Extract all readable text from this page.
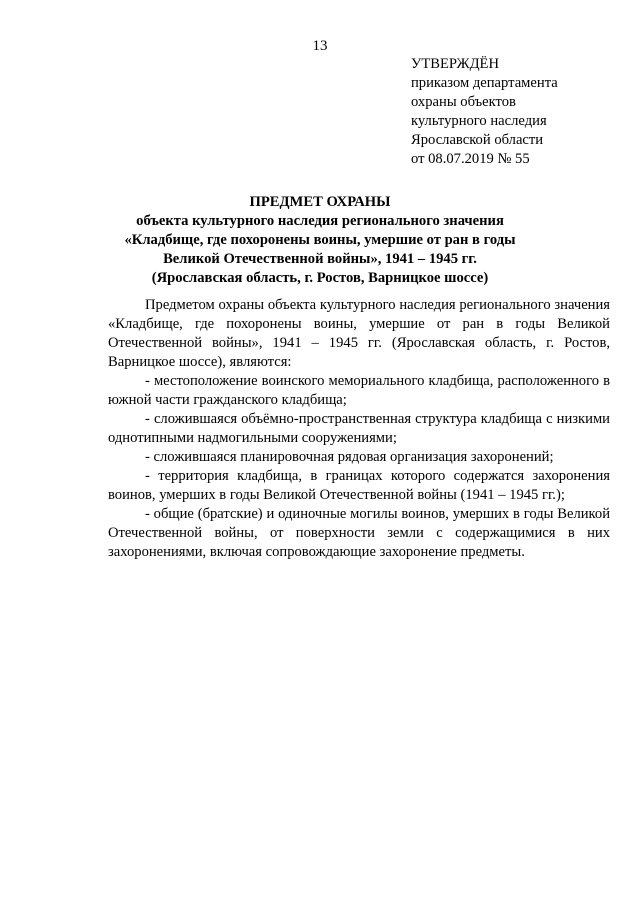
13
УТВЕРЖДЁН
приказом департамента
охраны объектов
культурного наследия
Ярославской области
от 08.07.2019 № 55
ПРЕДМЕТ ОХРАНЫ
объекта культурного наследия регионального значения
«Кладбище, где похоронены воины, умершие от ран в годы
Великой Отечественной войны», 1941 – 1945 гг.
(Ярославская область, г. Ростов, Варницкое шоссе)

Предметом охраны объекта культурного наследия регионального значения «Кладбище, где похоронены воины, умершие от ран в годы Великой Отечественной войны», 1941 – 1945 гг. (Ярославская область, г. Ростов, Варницкое шоссе), являются:

- местоположение воинского мемориального кладбища, расположенного в южной части гражданского кладбища;

- сложившаяся объёмно-пространственная структура кладбища с низкими однотипными надмогильными сооружениями;

- сложившаяся планировочная рядовая организация захоронений;

- территория кладбища, в границах которого содержатся захоронения воинов, умерших в годы Великой Отечественной войны (1941 – 1945 гг.);

- общие (братские) и одиночные могилы воинов, умерших в годы Великой Отечественной войны, от поверхности земли с содержащимися в них захоронениями, включая сопровождающие захоронение предметы.
